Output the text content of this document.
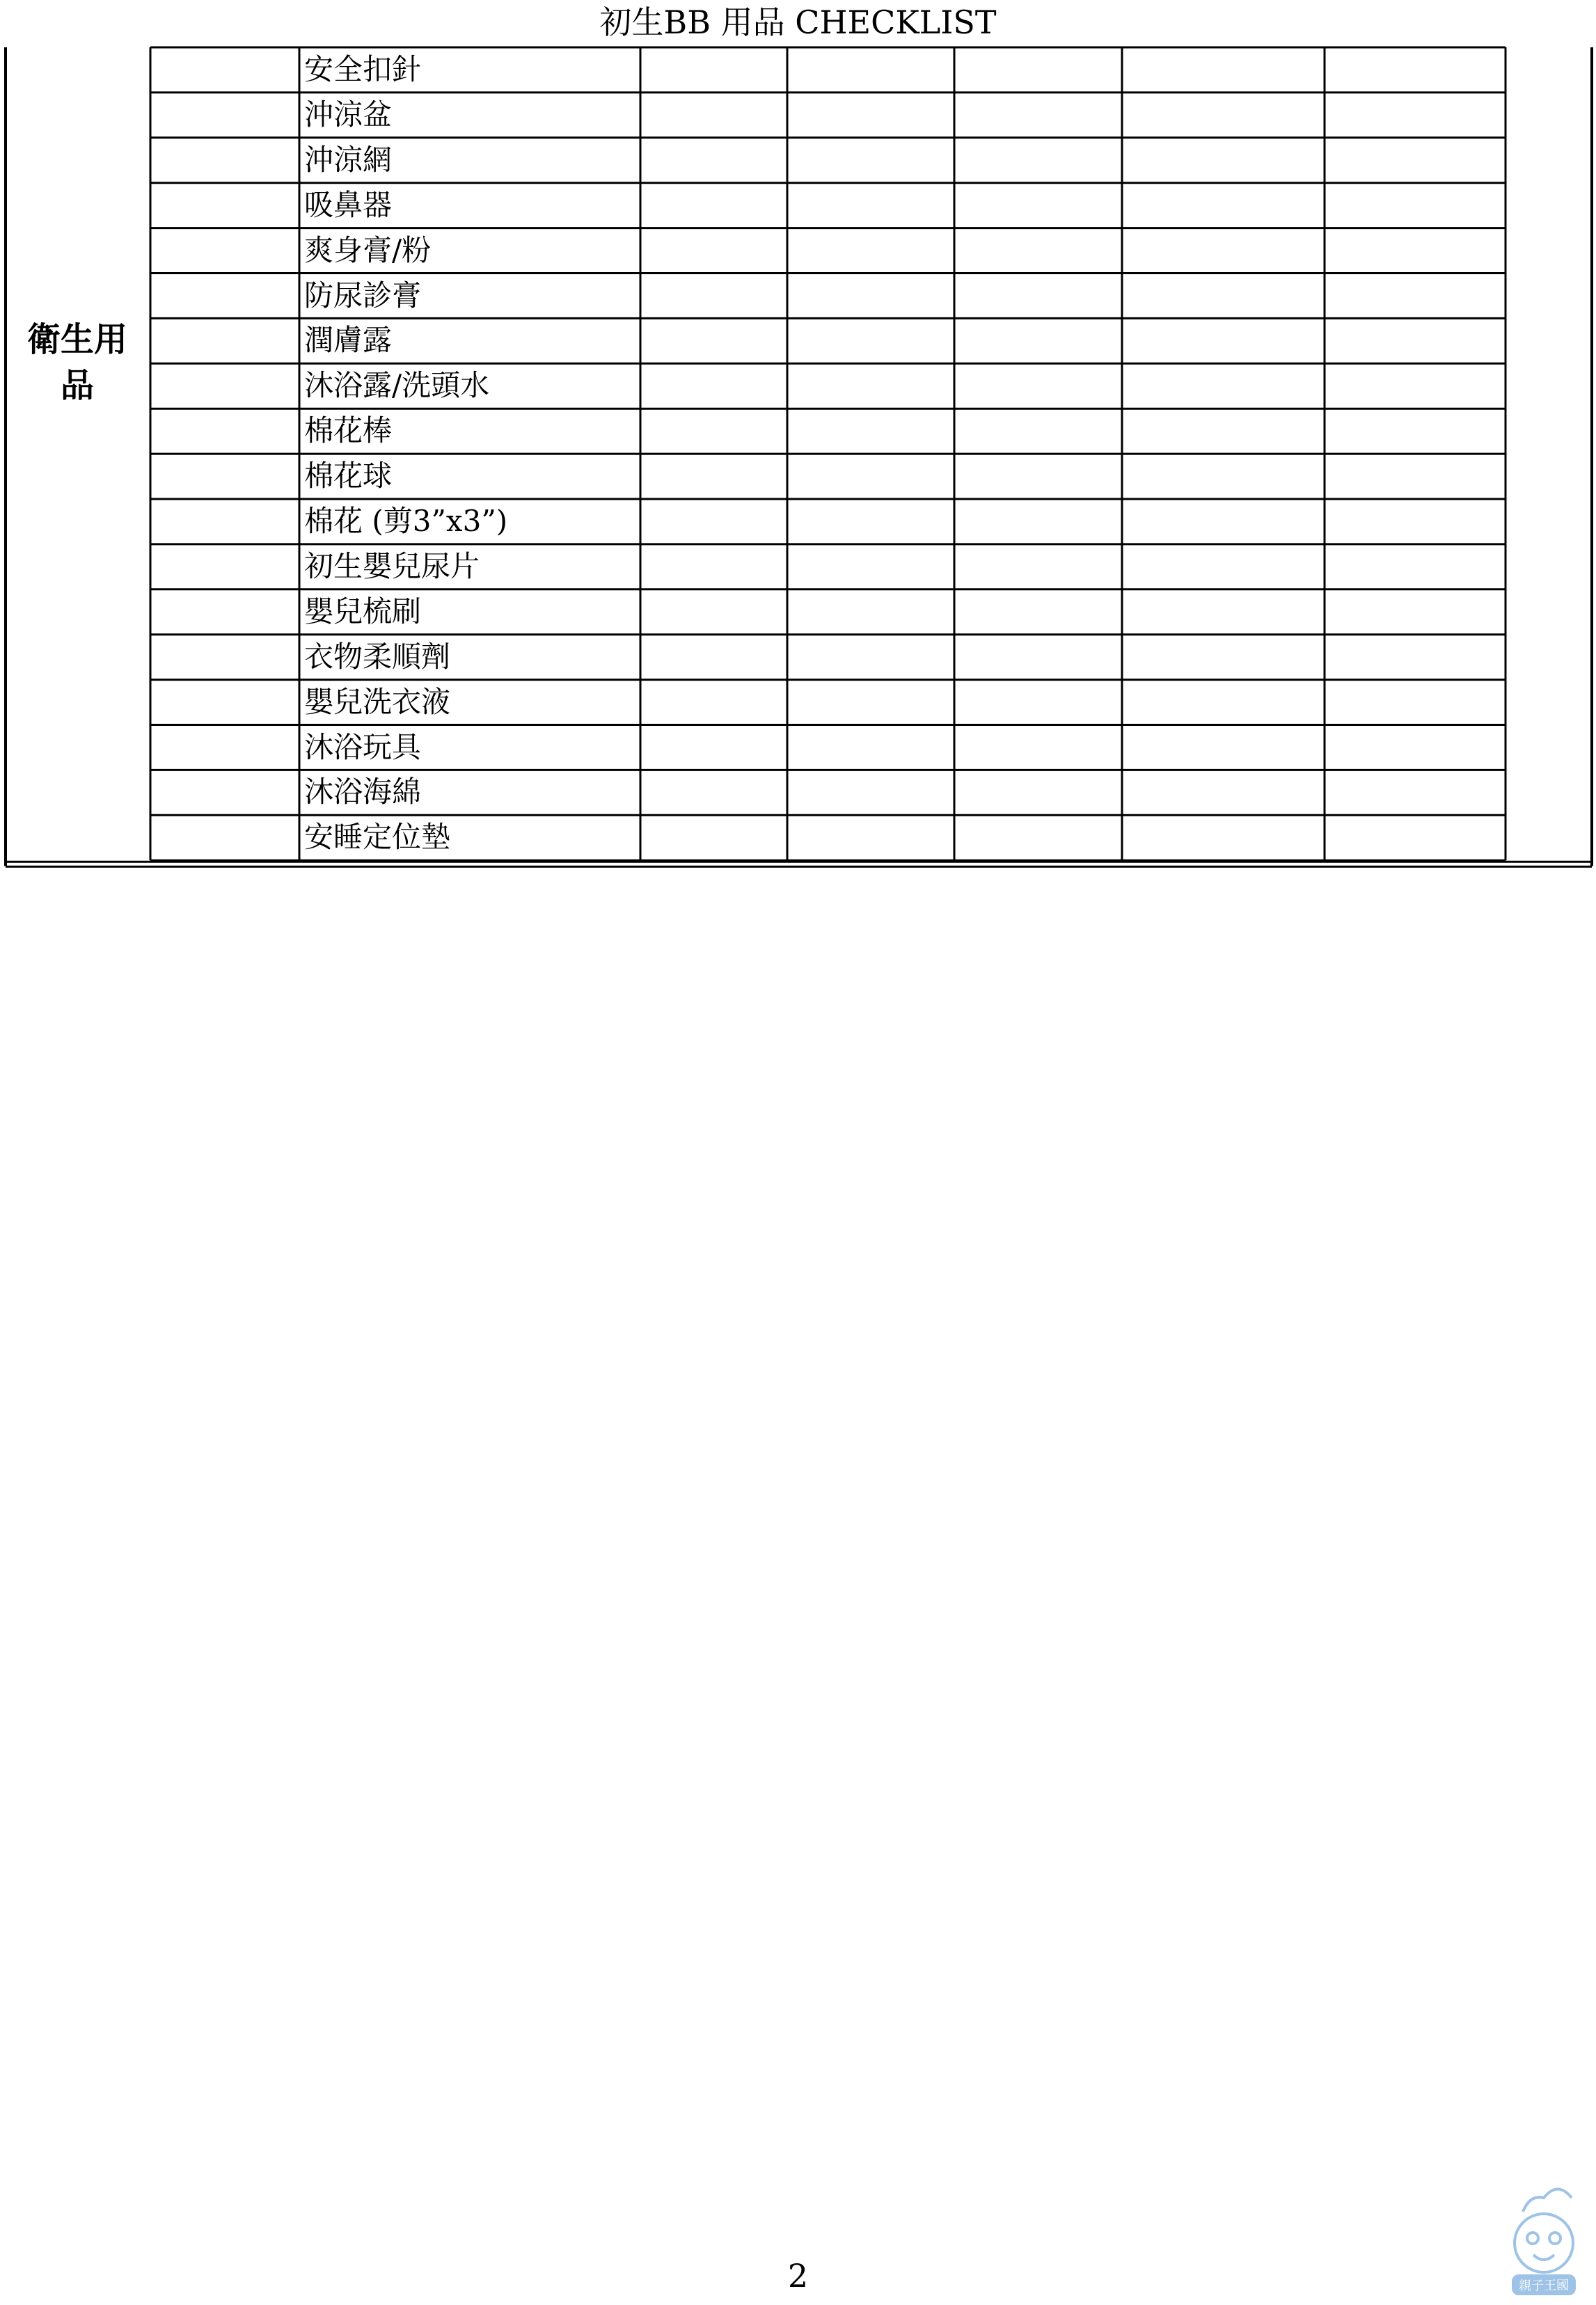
初生BB 用品 CHECKLIST
衛生用
品
安全扣針
沖涼盆
沖涼網
吸鼻器
爽身膏/粉
防尿診膏
潤膚露
沐浴露/洗頭水
棉花棒
棉花球
棉花 (剪3”x3”)
初生嬰兒尿片
嬰兒梳刷
衣物柔順劑
嬰兒洗衣液
沐浴玩具
沐浴海綿
安睡定位墊
2	親子王國
